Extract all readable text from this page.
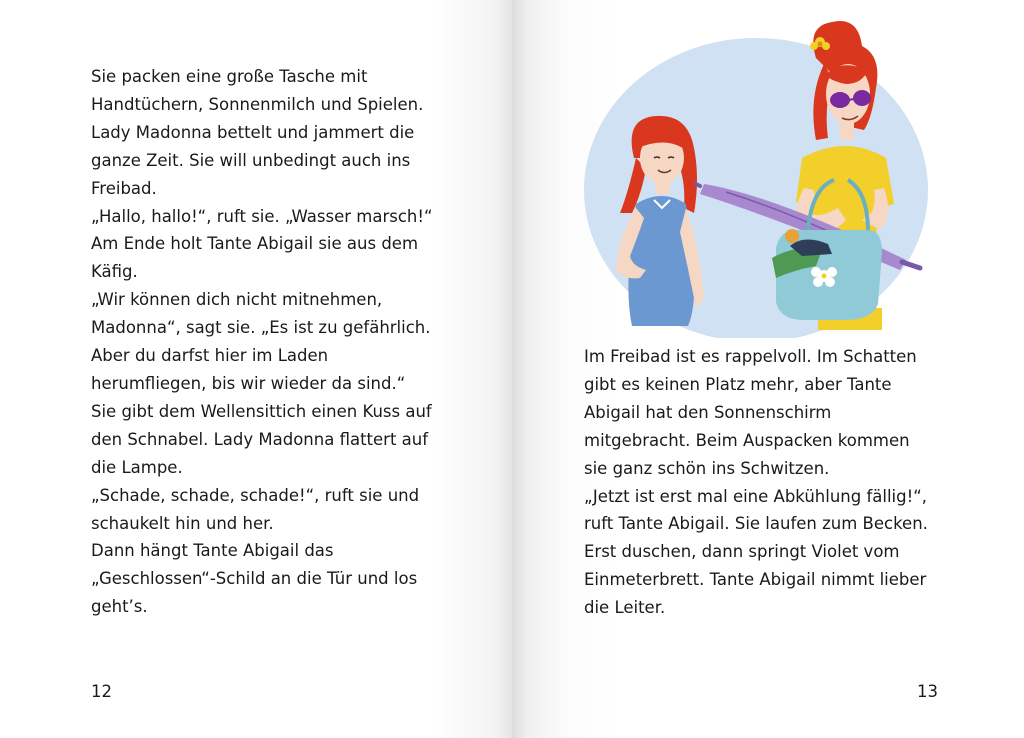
Sie packen eine große Tasche mit
Handtüchern, Sonnenmilch und Spielen.
Lady Madonna bettelt und jammert die
ganze Zeit. Sie will unbedingt auch ins
Freibad.
„Hallo, hallo!“, ruft sie. „Wasser marsch!“
Am Ende holt Tante Abigail sie aus dem
Käfig.
„Wir können dich nicht mitnehmen,
Madonna“, sagt sie. „Es ist zu gefährlich.
Aber du darfst hier im Laden
herumfliegen, bis wir wieder da sind.“
Sie gibt dem Wellensittich einen Kuss auf
den Schnabel. Lady Madonna flattert auf
die Lampe.
„Schade, schade, schade!“, ruft sie und
schaukelt hin und her.
Dann hängt Tante Abigail das
„Geschlossen“-Schild an die Tür und los
geht’s.
12
Im Freibad ist es rappelvoll. Im Schatten
gibt es keinen Platz mehr, aber Tante
Abigail hat den Sonnenschirm
mitgebracht. Beim Auspacken kommen
sie ganz schön ins Schwitzen.
„Jetzt ist erst mal eine Abkühlung fällig!“,
ruft Tante Abigail. Sie laufen zum Becken.
Erst duschen, dann springt Violet vom
Einmeterbrett. Tante Abigail nimmt lieber
die Leiter.
13
